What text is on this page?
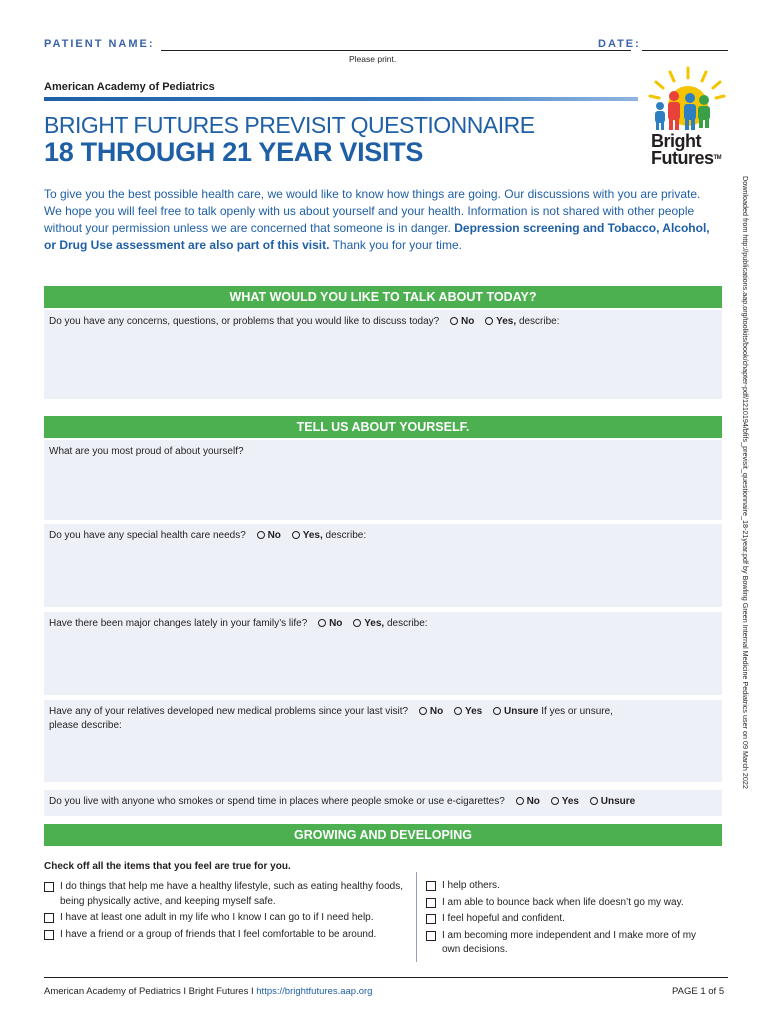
PATIENT NAME:	DATE:
Please print.
American Academy of Pediatrics
BRIGHT FUTURES PREVISIT QUESTIONNAIRE
18 THROUGH 21 YEAR VISITS	Bright
FuturesTM
To give you the best possible health care, we would like to know how things are going. Our discussions with you are private. We hope you will feel free to talk openly with us about yourself and your health. Information is not shared with other people without your permission unless we are concerned that someone is in danger. Depression screening and Tobacco, Alcohol, or Drug Use assessment are also part of this visit. Thank you for your time.	Downloaded from http://publications.aap.org/toolkits/book/chapter-pdf/1210194/bfifs_previsit_questionnaire_18-21year.pdf by Bowling Green Internal Medicine Pediatrics user on 09 March 2022
WHAT WOULD YOU LIKE TO TALK ABOUT TODAY?
Do you have any concerns, questions, or problems that you would like to discuss today? No Yes, describe:
TELL US ABOUT YOURSELF.
What are you most proud of about yourself?
Do you have any special health care needs? No Yes, describe:
Have there been major changes lately in your family’s life? No Yes, describe:
Have any of your relatives developed new medical problems since your last visit? No Yes Unsure If yes or unsure,
please describe:
Do you live with anyone who smokes or spend time in places where people smoke or use e-cigarettes? No Yes Unsure
GROWING AND DEVELOPING
Check off all the items that you feel are true for you.
I do things that help me have a healthy lifestyle, such as eating healthy foods, being physically active, and keeping myself safe.
I have at least one adult in my life who I know I can go to if I need help.
I have a friend or a group of friends that I feel comfortable to be around.
I help others.
I am able to bounce back when life doesn’t go my way.
I feel hopeful and confident.
I am becoming more independent and I make more of my own decisions.
American Academy of Pediatrics I Bright Futures I https://brightfutures.aap.org	PAGE 1 of 5
